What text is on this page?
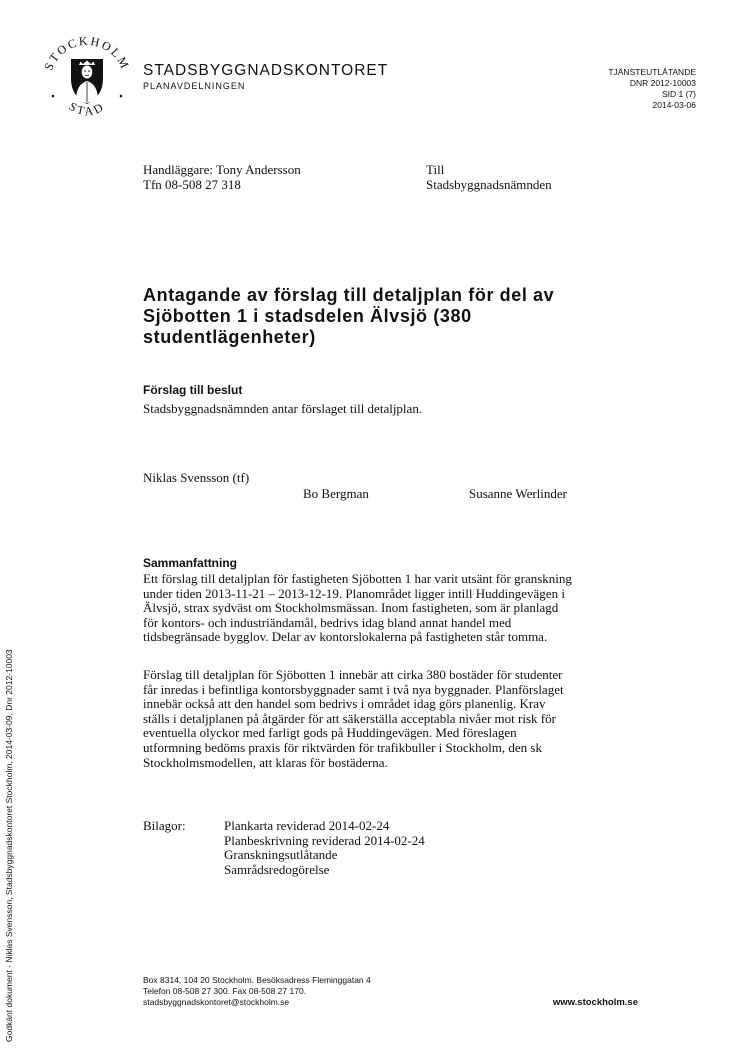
STOCKHOLM
STAD
STADSBYGGNADSKONTORET
PLANAVDELNINGEN
TJÄNSTEUTLÅTANDE
DNR 2012-10003
SID 1 (7)
2014-03-06
Handläggare: Tony Andersson
Tfn 08-508 27 318
Till
Stadsbyggnadsnämnden
Antagande av förslag till detaljplan för del av Sjöbotten 1 i stadsdelen Älvsjö (380 studentlägenheter)
Förslag till beslut
Stadsbyggnadsnämnden antar förslaget till detaljplan.
Niklas Svensson (tf)
Bo Bergman	Susanne Werlinder
Sammanfattning
Ett förslag till detaljplan för fastigheten Sjöbotten 1 har varit utsänt för granskning
under tiden 2013-11-21 – 2013-12-19. Planområdet ligger intill Huddingevägen i
Älvsjö, strax sydväst om Stockholmsmässan. Inom fastigheten, som är planlagd
för kontors- och industriändamål, bedrivs idag bland annat handel med
tidsbegränsade bygglov. Delar av kontorslokalerna på fastigheten står tomma.
Förslag till detaljplan för Sjöbotten 1 innebär att cirka 380 bostäder för studenter
får inredas i befintliga kontorsbyggnader samt i två nya byggnader. Planförslaget
innebär också att den handel som bedrivs i området idag görs planenlig. Krav
ställs i detaljplanen på åtgärder för att säkerställa acceptabla nivåer mot risk för
eventuella olyckor med farligt gods på Huddingevägen. Med föreslagen
utformning bedöms praxis för riktvärden för trafikbuller i Stockholm, den sk
Stockholmsmodellen, att klaras för bostäderna.
Bilagor:	Plankarta reviderad 2014-02-24
Planbeskrivning reviderad 2014-02-24
Granskningsutlåtande
Samrådsredogörelse
Box 8314, 104 20 Stockholm. Besöksadress Fleminggatan 4
Telefon 08-508 27 300. Fax 08-508 27 170.
stadsbyggnadskontoret@stockholm.se	www.stockholm.se
Godkänt dokument - Niklas Svensson, Stadsbyggnadskontoret Stockholm, 2014-03-09, Dnr 2012-10003
